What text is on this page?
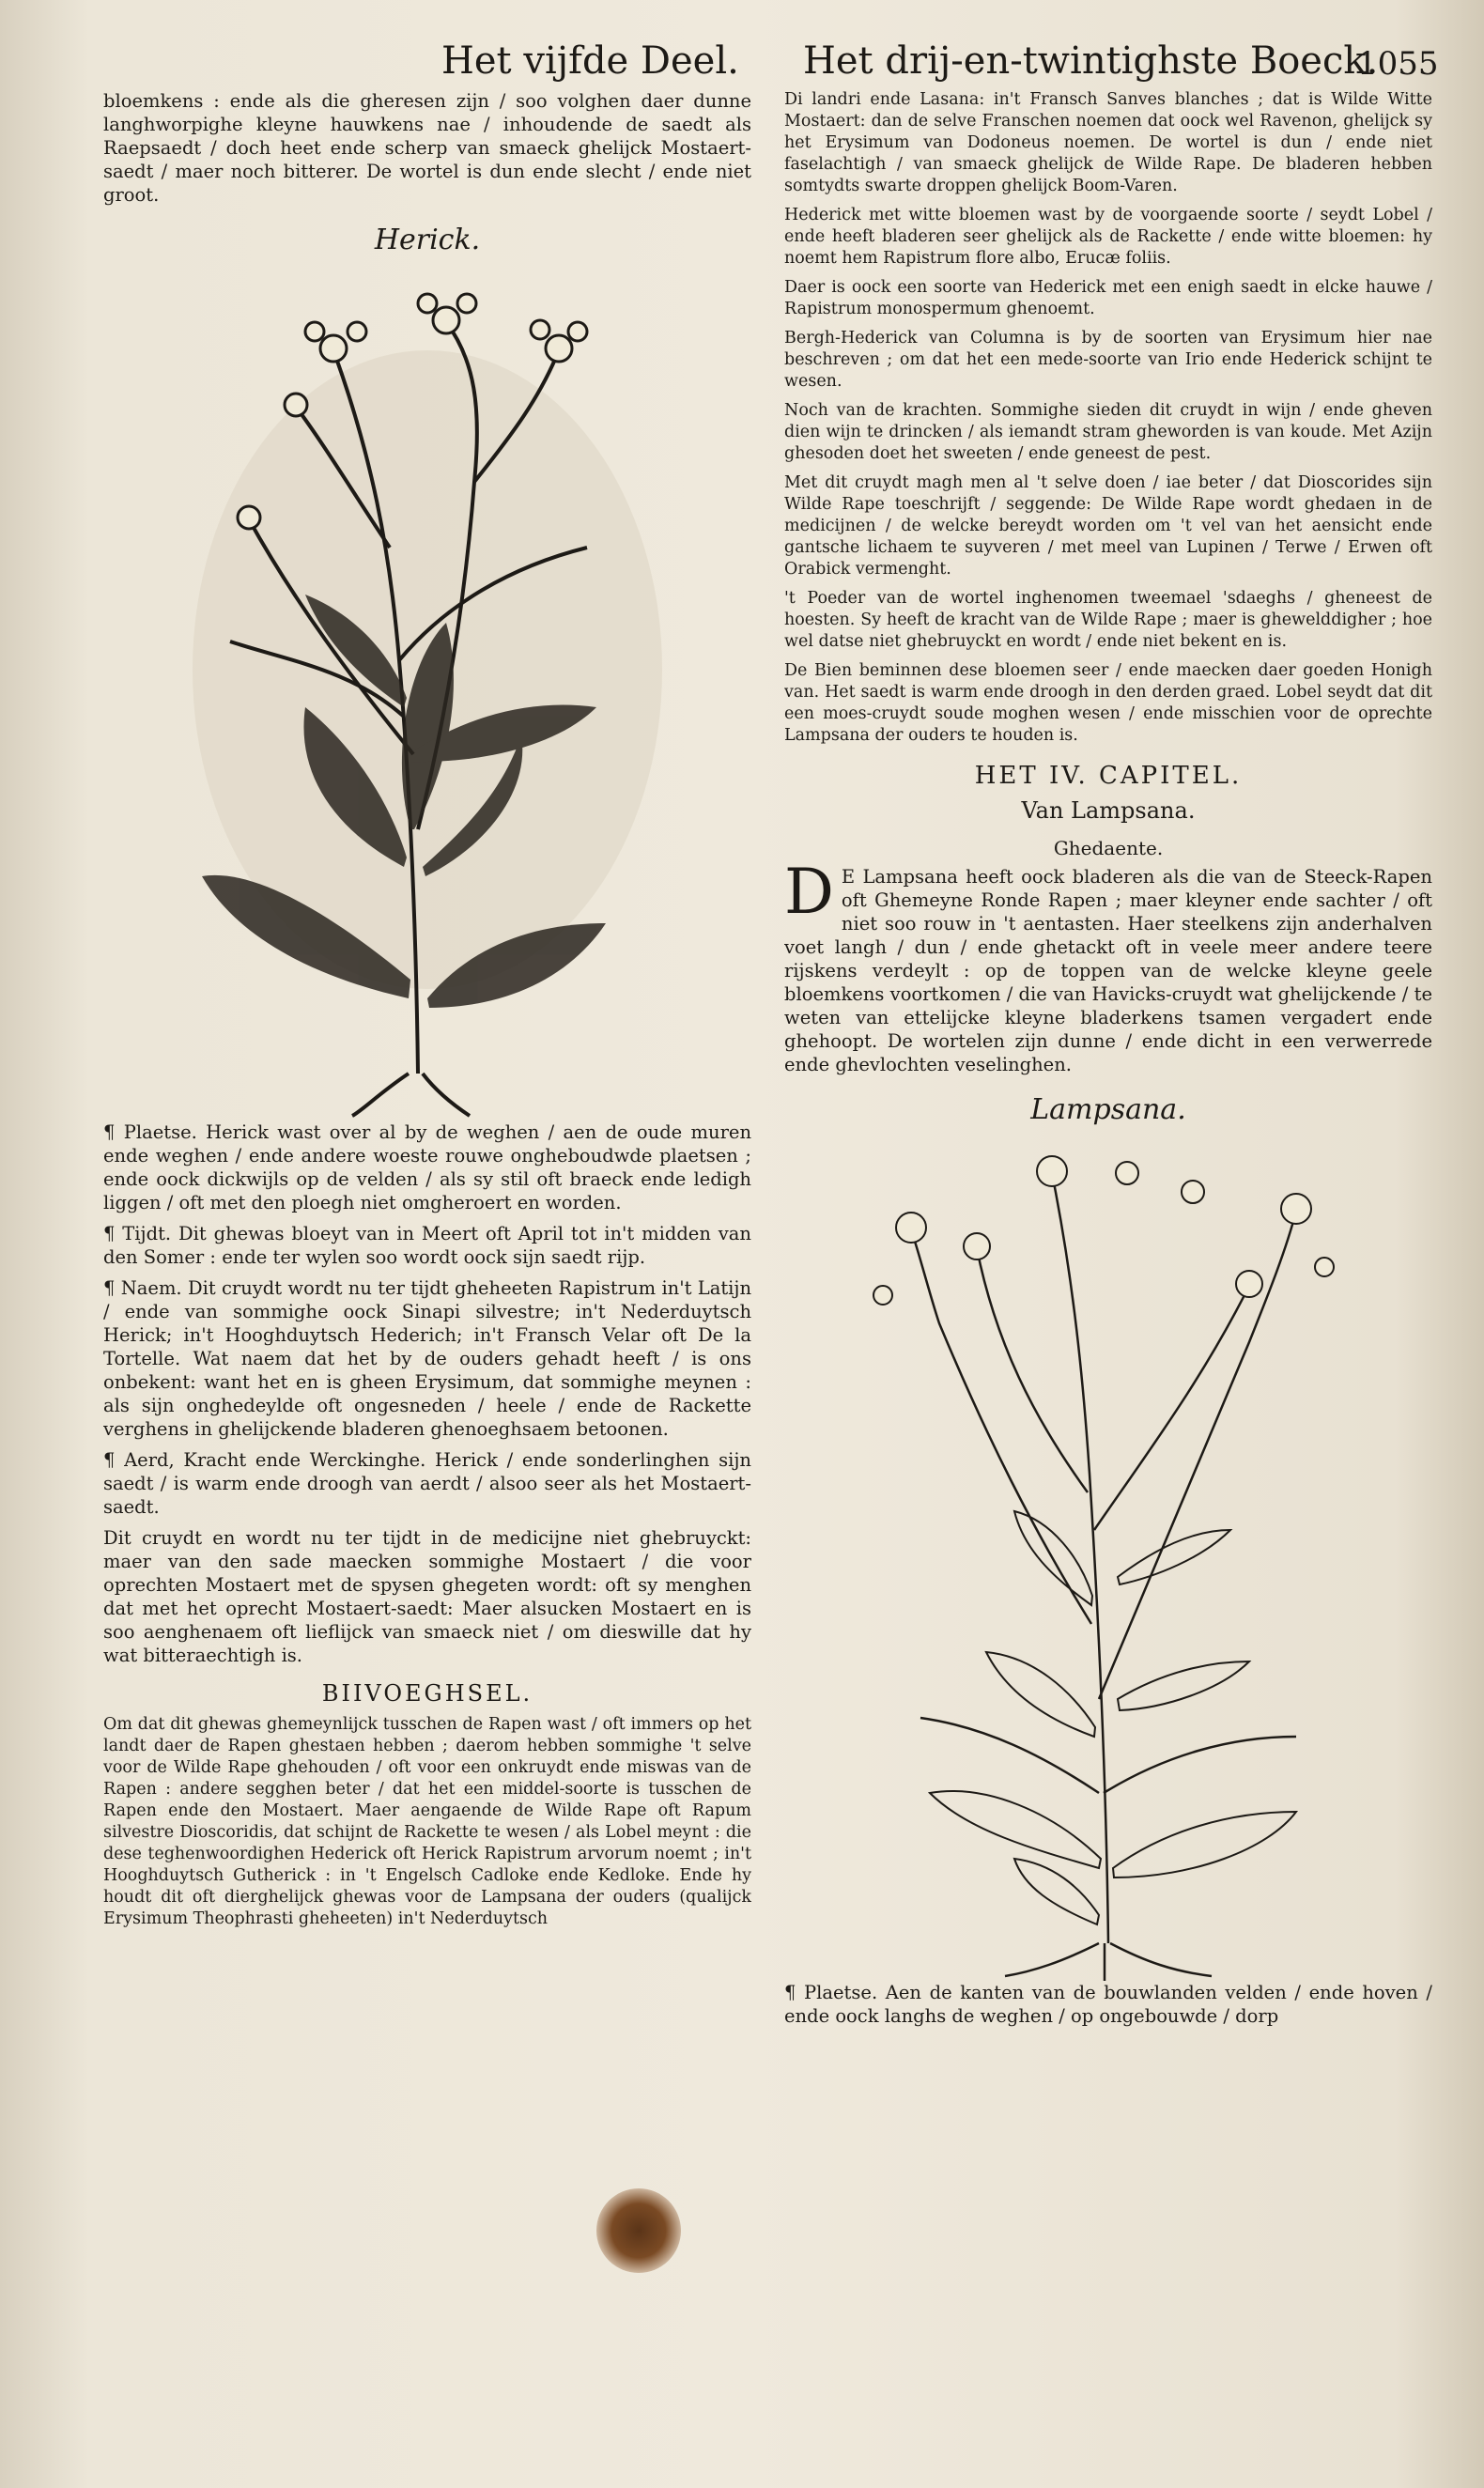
Het vijfde Deel. Het drij-en-twintighste Boeck.
1055

bloemkens : ende als die gheresen zijn / soo volghen daer dunne langhworpighe kleyne hauwkens nae / inhoudende de saedt als Raepsaedt / doch heet ende scherp van smaeck ghelijck Mostaert-saedt / maer noch bitterer. De wortel is dun ende slecht / ende niet groot.

Herick.

¶ Plaetse. Herick wast over al by de weghen / aen de oude muren ende weghen / ende andere woeste rouwe ongheboudwde plaetsen ; ende oock dickwijls op de velden / als sy stil oft braeck ende ledigh liggen / oft met den ploegh niet omgheroert en worden.

¶ Tijdt. Dit ghewas bloeyt van in Meert oft April tot in't midden van den Somer : ende ter wylen soo wordt oock sijn saedt rijp.

¶ Naem. Dit cruydt wordt nu ter tijdt gheheeten Rapistrum in't Latijn / ende van sommighe oock Sinapi silvestre; in't Nederduytsch Herick; in't Hooghduytsch Hederich; in't Fransch Velar oft De la Tortelle. Wat naem dat het by de ouders gehadt heeft / is ons onbekent: want het en is gheen Erysimum, dat sommighe meynen : als sijn onghedeylde oft ongesneden / heele / ende de Rackette verghens in ghelijckende bladeren ghenoeghsaem betoonen.

¶ Aerd, Kracht ende Werckinghe. Herick / ende sonderlinghen sijn saedt / is warm ende droogh van aerdt / alsoo seer als het Mostaert-saedt.

Dit cruydt en wordt nu ter tijdt in de medicijne niet ghebruyckt: maer van den sade maecken sommighe Mostaert / die voor oprechten Mostaert met de spysen ghegeten wordt: oft sy menghen dat met het oprecht Mostaert-saedt: Maer alsucken Mostaert en is soo aenghenaem oft lieflijck van smaeck niet / om dieswille dat hy wat bitteraechtigh is.

BIIVOEGHSEL.

Om dat dit ghewas ghemeynlijck tusschen de Rapen wast / oft immers op het landt daer de Rapen ghestaen hebben ; daerom hebben sommighe 't selve voor de Wilde Rape ghehouden / oft voor een onkruydt ende miswas van de Rapen : andere segghen beter / dat het een middel-soorte is tusschen de Rapen ende den Mostaert. Maer aengaende de Wilde Rape oft Rapum silvestre Dioscoridis, dat schijnt de Rackette te wesen / als Lobel meynt : die dese teghenwoordighen Hederick oft Herick Rapistrum arvorum noemt ; in't Hooghduytsch Gutherick : in 't Engelsch Cadloke ende Kedloke. Ende hy houdt dit oft dierghelijck ghewas voor de Lampsana der ouders (qualijck Erysimum Theophrasti gheheeten) in't Nederduytsch

Di landri ende Lasana: in't Fransch Sanves blanches ; dat is Wilde Witte Mostaert: dan de selve Franschen noemen dat oock wel Ravenon, ghelijck sy het Erysimum van Dodoneus noemen. De wortel is dun / ende niet faselachtigh / van smaeck ghelijck de Wilde Rape. De bladeren hebben somtydts swarte droppen ghelijck Boom-Varen.

Hederick met witte bloemen wast by de voorgaende soorte / seydt Lobel / ende heeft bladeren seer ghelijck als de Rackette / ende witte bloemen: hy noemt hem Rapistrum flore albo, Erucæ foliis.

Daer is oock een soorte van Hederick met een enigh saedt in elcke hauwe / Rapistrum monospermum ghenoemt.

Bergh-Hederick van Columna is by de soorten van Erysimum hier nae beschreven ; om dat het een mede-soorte van Irio ende Hederick schijnt te wesen.

Noch van de krachten. Sommighe sieden dit cruydt in wijn / ende gheven dien wijn te drincken / als iemandt stram gheworden is van koude. Met Azijn ghesoden doet het sweeten / ende geneest de pest.

Met dit cruydt magh men al 't selve doen / iae beter / dat Dioscorides sijn Wilde Rape toeschrijft / seggende: De Wilde Rape wordt ghedaen in de medicijnen / de welcke bereydt worden om 't vel van het aensicht ende gantsche lichaem te suyveren / met meel van Lupinen / Terwe / Erwen oft Orabick vermenght.

't Poeder van de wortel inghenomen tweemael 'sdaeghs / gheneest de hoesten. Sy heeft de kracht van de Wilde Rape ; maer is ghewelddigher ; hoe wel datse niet ghebruyckt en wordt / ende niet bekent en is.

De Bien beminnen dese bloemen seer / ende maecken daer goeden Honigh van. Het saedt is warm ende droogh in den derden graed. Lobel seydt dat dit een moes-cruydt soude moghen wesen / ende misschien voor de oprechte Lampsana der ouders te houden is.

HET IV. CAPITEL.
Van Lampsana.
Ghedaente.

D E Lampsana heeft oock bladeren als die van de Steeck-Rapen oft Ghemeyne Ronde Rapen ; maer kleyner ende sachter / oft niet soo rouw in 't aentasten. Haer steelkens zijn anderhalven voet langh / dun / ende ghetackt oft in veele meer andere teere rijskens verdeylt : op de toppen van de welcke kleyne geele bloemkens voortkomen / die van Havicks-cruydt wat ghelijckende / te weten van ettelijcke kleyne bladerkens tsamen vergadert ende ghehoopt. De wortelen zijn dunne / ende dicht in een verwerrede ende ghevlochten veselinghen.

Lampsana.

¶ Plaetse. Aen de kanten van de bouwlanden velden / ende hoven / ende oock langhs de weghen / op ongebouwde / dorp
